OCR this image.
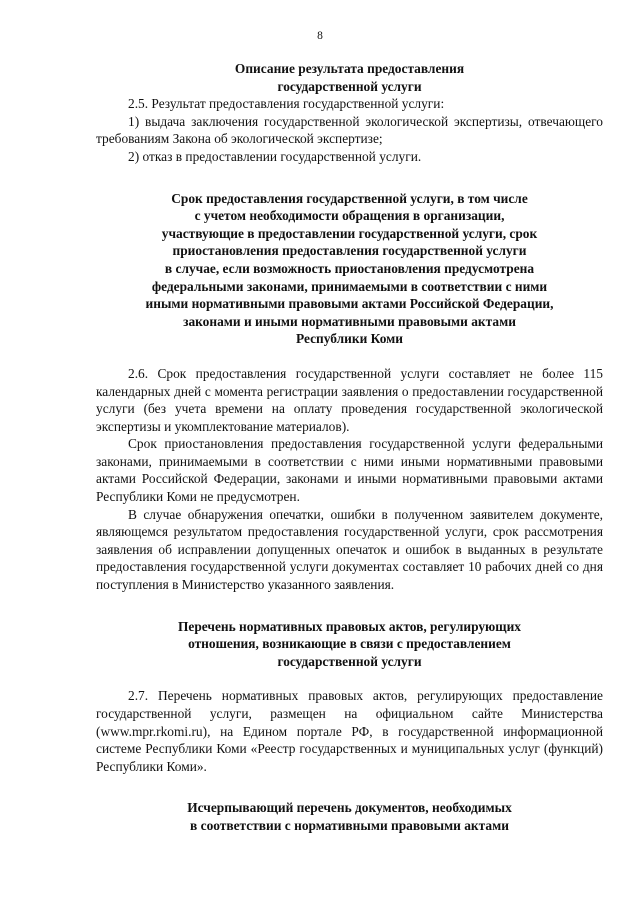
8

Описание результата предоставления
государственной услуги

2.5. Результат предоставления государственной услуги:

1) выдача заключения государственной экологической экспертизы, отвечающего требованиям Закона об экологической экспертизе;

2) отказ в предоставлении государственной услуги.

Срок предоставления государственной услуги, в том числе
с учетом необходимости обращения в организации,
участвующие в предоставлении государственной услуги, срок
приостановления предоставления государственной услуги
в случае, если возможность приостановления предусмотрена
федеральными законами, принимаемыми в соответствии с ними
иными нормативными правовыми актами Российской Федерации,
законами и иными нормативными правовыми актами
Республики Коми

2.6. Срок предоставления государственной услуги составляет не более 115 календарных дней с момента регистрации заявления о предоставлении государственной услуги (без учета времени на оплату проведения государственной экологической экспертизы и укомплектование материалов).

Срок приостановления предоставления государственной услуги федеральными законами, принимаемыми в соответствии с ними иными нормативными правовыми актами Российской Федерации, законами и иными нормативными правовыми актами Республики Коми не предусмотрен.

В случае обнаружения опечатки, ошибки в полученном заявителем документе, являющемся результатом предоставления государственной услуги, срок рассмотрения заявления об исправлении допущенных опечаток и ошибок в выданных в результате предоставления государственной услуги документах составляет 10 рабочих дней со дня поступления в Министерство указанного заявления.

Перечень нормативных правовых актов, регулирующих
отношения, возникающие в связи с предоставлением
государственной услуги

2.7. Перечень нормативных правовых актов, регулирующих предоставление государственной услуги, размещен на официальном сайте Министерства (www.mpr.rkomi.ru), на Едином портале РФ, в государственной информационной системе Республики Коми «Реестр государственных и муниципальных услуг (функций) Республики Коми».

Исчерпывающий перечень документов, необходимых
в соответствии с нормативными правовыми актами
